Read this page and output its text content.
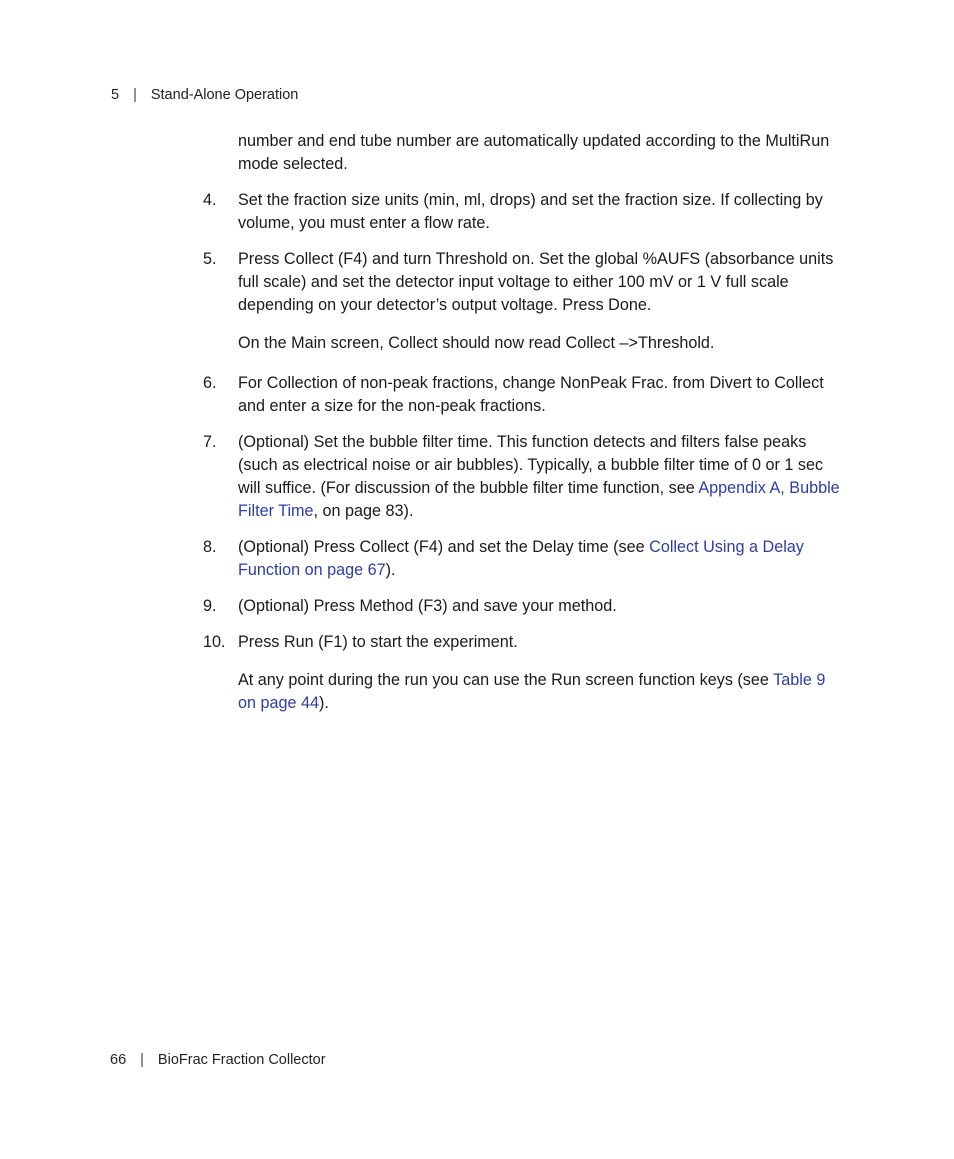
5 | Stand-Alone Operation

number and end tube number are automatically updated according to the MultiRun mode selected.

4.	Set the fraction size units (min, ml, drops) and set the fraction size. If collecting by volume, you must enter a flow rate.
5.	Press Collect (F4) and turn Threshold on. Set the global %AUFS (absorbance units full scale) and set the detector input voltage to either 100 mV or 1 V full scale depending on your detector’s output voltage. Press Done.

On the Main screen, Collect should now read Collect –>Threshold.

6.	For Collection of non-peak fractions, change NonPeak Frac. from Divert to Collect and enter a size for the non-peak fractions.
7.	(Optional) Set the bubble filter time. This function detects and filters false peaks (such as electrical noise or air bubbles). Typically, a bubble filter time of 0 or 1 sec will suffice. (For discussion of the bubble filter time function, see Appendix A, Bubble Filter Time, on page 83).
8.	(Optional) Press Collect (F4) and set the Delay time (see Collect Using a Delay Function on page 67).
9.	(Optional) Press Method (F3) and save your method.
10. Press Run (F1) to start the experiment.

At any point during the run you can use the Run screen function keys (see Table 9 on page 44).

66 | BioFrac Fraction Collector
